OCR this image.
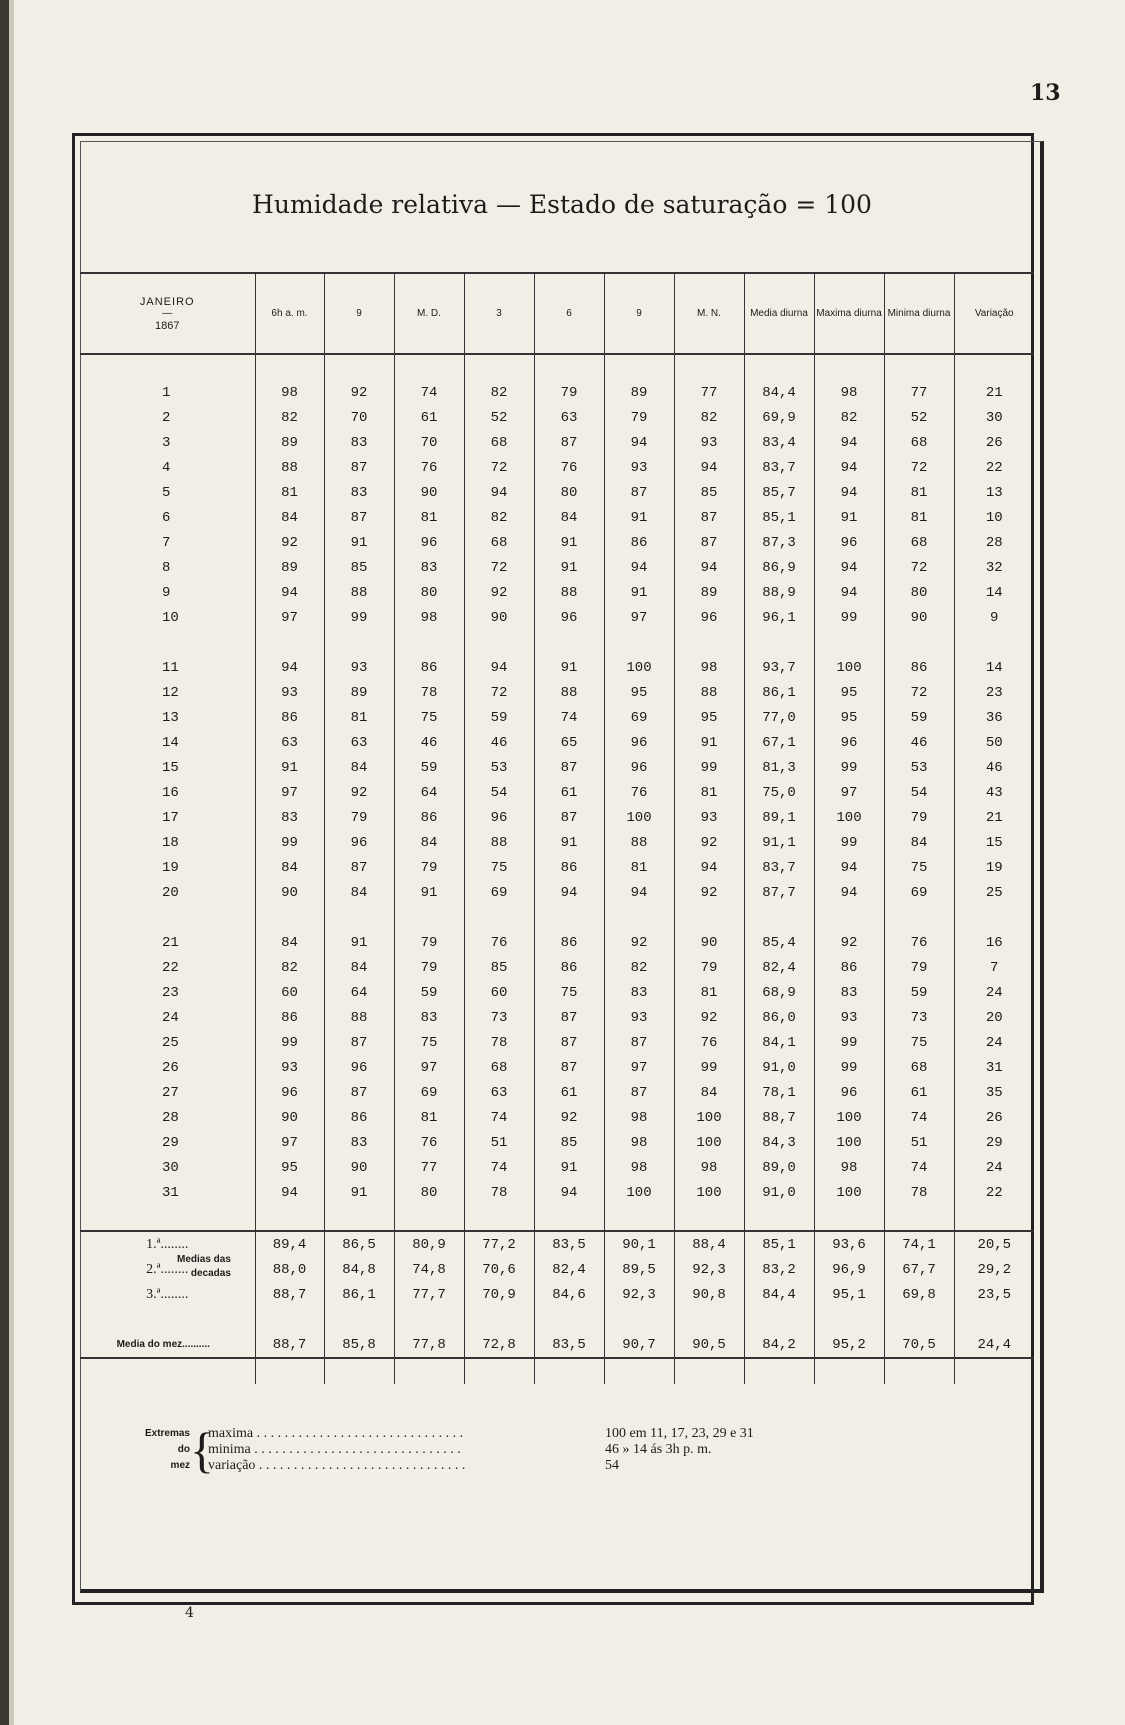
13
Humidade relativa — Estado de saturação = 100
JANEIRO
—
1867	6h a. m.	9	M. D.	3	6	9	M. N.	Media diurna	Maxima diurna	Minima diurna	Variação

1	98	92	74	82	79	89	77	84,4	98	77	21
2	82	70	61	52	63	79	82	69,9	82	52	30
3	89	83	70	68	87	94	93	83,4	94	68	26
4	88	87	76	72	76	93	94	83,7	94	72	22
5	81	83	90	94	80	87	85	85,7	94	81	13
6	84	87	81	82	84	91	87	85,1	91	81	10
7	92	91	96	68	91	86	87	87,3	96	68	28
8	89	85	83	72	91	94	94	86,9	94	72	32
9	94	88	80	92	88	91	89	88,9	94	80	14
10	97	99	98	90	96	97	96	96,1	99	90	9

11	94	93	86	94	91	100	98	93,7	100	86	14
12	93	89	78	72	88	95	88	86,1	95	72	23
13	86	81	75	59	74	69	95	77,0	95	59	36
14	63	63	46	46	65	96	91	67,1	96	46	50
15	91	84	59	53	87	96	99	81,3	99	53	46
16	97	92	64	54	61	76	81	75,0	97	54	43
17	83	79	86	96	87	100	93	89,1	100	79	21
18	99	96	84	88	91	88	92	91,1	99	84	15
19	84	87	79	75	86	81	94	83,7	94	75	19
20	90	84	91	69	94	94	92	87,7	94	69	25

21	84	91	79	76	86	92	90	85,4	92	76	16
22	82	84	79	85	86	82	79	82,4	86	79	7
23	60	64	59	60	75	83	81	68,9	83	59	24
24	86	88	83	73	87	93	92	86,0	93	73	20
25	99	87	75	78	87	87	76	84,1	99	75	24
26	93	96	97	68	87	97	99	91,0	99	68	31
27	96	87	69	63	61	87	84	78,1	96	61	35
28	90	86	81	74	92	98	100	88,7	100	74	26
29	97	83	76	51	85	98	100	84,3	100	51	29
30	95	90	77	74	91	98	98	89,0	98	74	24
31	94	91	80	78	94	100	100	91,0	100	78	22

Medias das
decadas
1.ª........	89,4	86,5	80,9	77,2	83,5	90,1	88,4	85,1	93,6	74,1	20,5
2.ª........	88,0	84,8	74,8	70,6	82,4	89,5	92,3	83,2	96,9	67,7	29,2
3.ª........	88,7	86,1	77,7	70,9	84,6	92,3	90,8	84,4	95,1	69,8	23,5

Media do mez..........	88,7	85,8	77,8	72,8	83,5	90,7	90,5	84,2	95,2	70,5	24,4

Extremas
do
mez {
maxima . . . . . . . . . . . . . . . . . . . . . . . . . . . . . .	100 em 11, 17, 23, 29 e 31
minima . . . . . . . . . . . . . . . . . . . . . . . . . . . . . .	46 » 14 ás 3h p. m.
variação . . . . . . . . . . . . . . . . . . . . . . . . . . . . . .	54
4
